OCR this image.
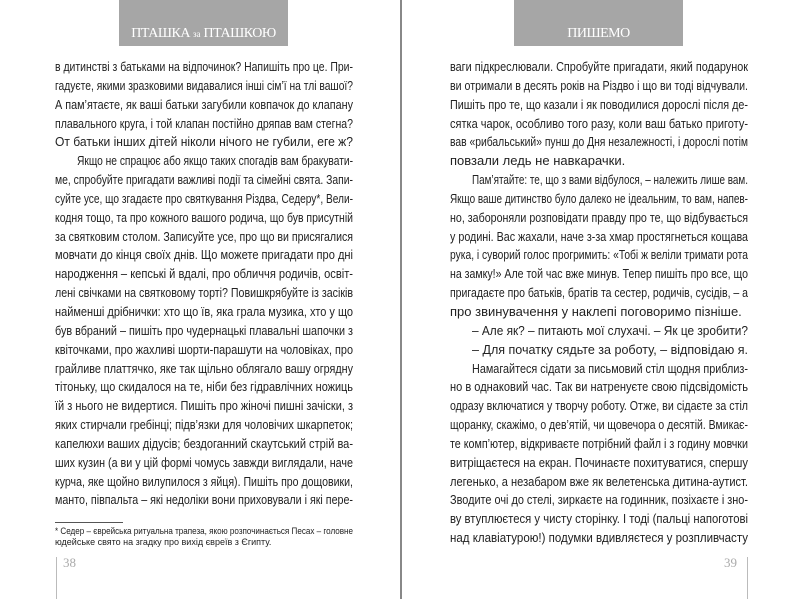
ПТАШКА за ПТАШКОЮ
в дитинстві з батьками на відпочинок? Напишіть про це. При-
гадуєте, якими зразковими видавалися інші сім’ї на тлі вашої?
А пам’ятаєте, як ваші батьки загубили ковпачок до клапану
плавального круга, і той клапан постійно дряпав вам стегна?
От батьки інших дітей ніколи нічого не губили, еге ж?
Якщо не спрацює або якщо таких спогадів вам бракувати-
ме, спробуйте пригадати важливі події та сімейні свята. Запи-
суйте усе, що згадаєте про святкування Різдва, Седеру*, Вели-
кодня тощо, та про кожного вашого родича, що був присутній
за святковим столом. Записуйте усе, про що ви присягалися
мовчати до кінця своїх днів. Що можете пригадати про дні
народження – кепські й вдалі, про обличчя родичів, освіт-
лені свічками на святковому торті? Повишкрябуйте із засіків
найменші дрібнички: хто що їв, яка грала музика, хто у що
був вбраний – пишіть про чудернацькі плавальні шапочки з
квіточками, про жахливі шорти-парашути на чоловіках, про
грайливе платтячко, яке так щільно облягало вашу огрядну
тітоньку, що скидалося на те, ніби без гідравлічних ножиць
їй з нього не видертися. Пишіть про жіночі пишні зачіски, з
яких стирчали гребінці; підв’язки для чоловічих шкарпеток;
капелюхи ваших дідусів; бездоганний скаутський стрій ва-
ших кузин (а ви у цій формі чомусь завжди виглядали, наче
курча, яке щойно вилупилося з яйця). Пишіть про дощовики,
манто, півпальта – які недоліки вони приховували і які пере-
* Седер – єврейська ритуальна трапеза, якою розпочинається Песах – головне
юдейське свято на згадку про вихід євреїв з Єгипту.
38
ПИШЕМО
ваги підкреслювали. Спробуйте пригадати, який подарунок
ви отримали в десять років на Різдво і що ви тоді відчували.
Пишіть про те, що казали і як поводилися дорослі після де-
сятка чарок, особливо того разу, коли ваш батько приготу-
вав «рибальський» пунш до Дня незалежності, і дорослі потім
повзали ледь не навкарачки.
Пам’ятайте: те, що з вами відбулося, – належить лише вам.
Якщо ваше дитинство було далеко не ідеальним, то вам, напев-
но, забороняли розповідати правду про те, що відбувається
у родині. Вас жахали, наче з-за хмар простягнеться кощава
рука, і суворий голос прогримить: «Тобі ж веліли тримати рота
на замку!» Але той час вже минув. Тепер пишіть про все, що
пригадаєте про батьків, братів та сестер, родичів, сусідів, – а
про звинувачення у наклепі поговоримо пізніше.
– Але як? – питають мої слухачі. – Як це зробити?
– Для початку сядьте за роботу, – відповідаю я.
Намагайтеся сідати за письмовий стіл щодня приблиз-
но в однаковий час. Так ви натренуєте свою підсвідомість
одразу включатися у творчу роботу. Отже, ви сідаєте за стіл
щоранку, скажімо, о дев’ятій, чи щовечора о десятій. Вмикає-
те комп’ютер, відкриваєте потрібний файл і з годину мовчки
витріщаєтеся на екран. Починаєте похитуватися, спершу
легенько, а незабаром вже як велетенська дитина-аутист.
Зводите очі до стелі, зиркаєте на годинник, позіхаєте і зно-
ву втуплюєтеся у чисту сторінку. І тоді (пальці напоготові
над клавіатурою!) подумки вдивляєтеся у розпливчасту
39
